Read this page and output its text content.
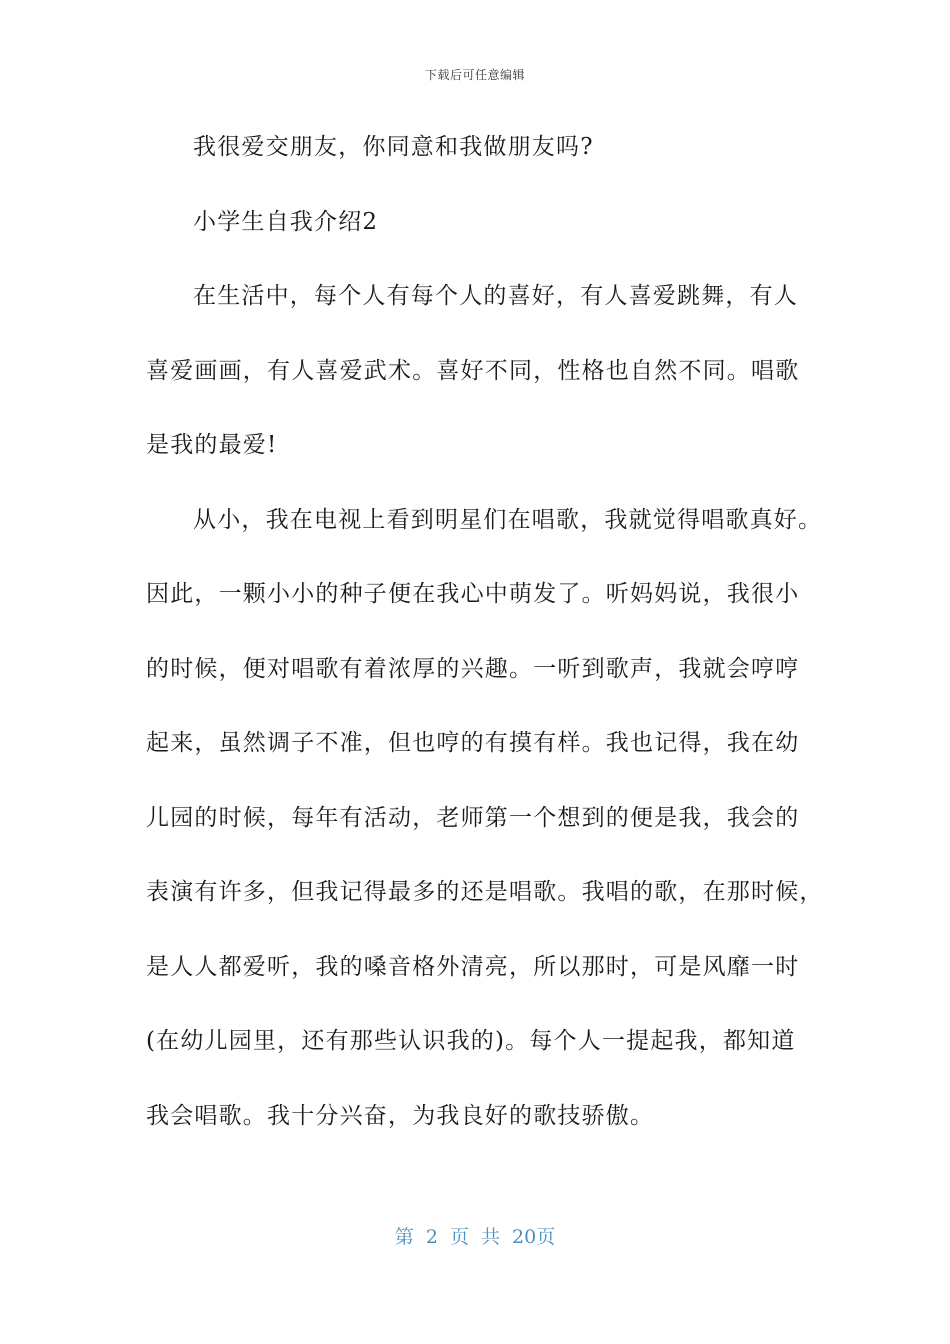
下载后可任意编辑
我很爱交朋友，你同意和我做朋友吗?
小学生自我介绍2
在生活中，每个人有每个人的喜好，有人喜爱跳舞，有人
喜爱画画，有人喜爱武术。喜好不同，性格也自然不同。唱歌
是我的最爱!
从小，我在电视上看到明星们在唱歌，我就觉得唱歌真好。
因此，一颗小小的种子便在我心中萌发了。听妈妈说，我很小
的时候，便对唱歌有着浓厚的兴趣。一听到歌声，我就会哼哼
起来，虽然调子不准，但也哼的有摸有样。我也记得，我在幼
儿园的时候，每年有活动，老师第一个想到的便是我，我会的
表演有许多，但我记得最多的还是唱歌。我唱的歌，在那时候，
是人人都爱听，我的嗓音格外清亮，所以那时，可是风靡一时
(在幼儿园里，还有那些认识我的)。每个人一提起我，都知道
我会唱歌。我十分兴奋，为我良好的歌技骄傲。
第 2 页 共 20页
